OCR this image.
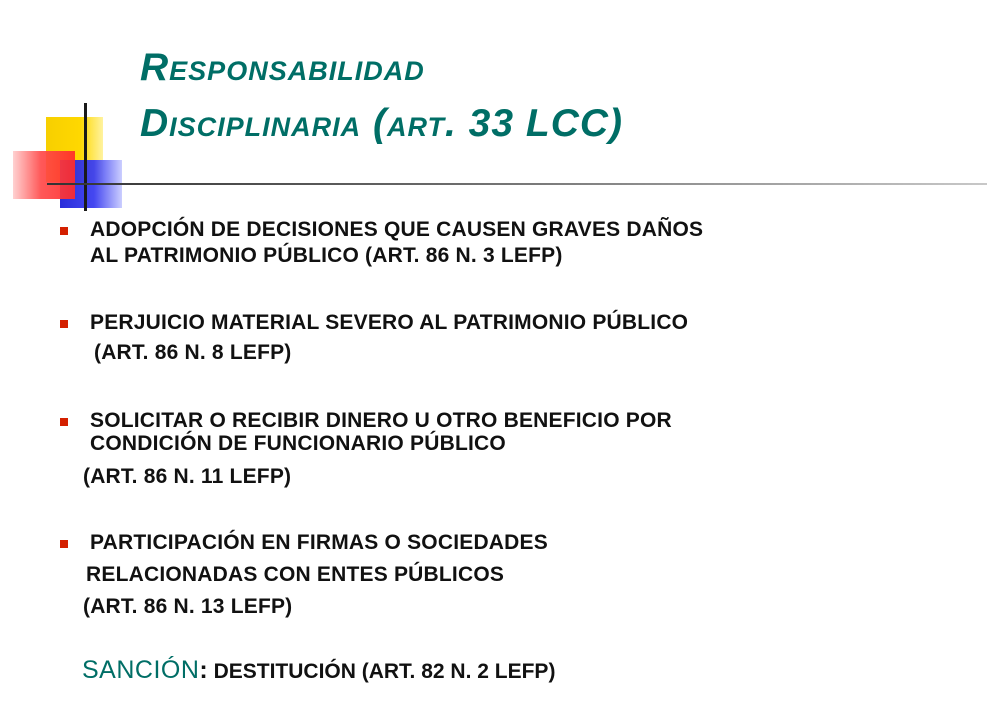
Responsabilidad
Disciplinaria (art. 33 LCC)
ADOPCIÓN DE DECISIONES QUE CAUSEN GRAVES DAÑOS
AL PATRIMONIO PÚBLICO (ART. 86 N. 3 LEFP)
PERJUICIO MATERIAL SEVERO AL PATRIMONIO PÚBLICO
(ART. 86 N. 8 LEFP)
SOLICITAR O RECIBIR DINERO U OTRO BENEFICIO POR
CONDICIÓN DE FUNCIONARIO PÚBLICO
(ART. 86 N. 11 LEFP)
PARTICIPACIÓN EN FIRMAS O SOCIEDADES
RELACIONADAS CON ENTES PÚBLICOS
(ART. 86 N. 13 LEFP)
SANCIÓN: DESTITUCIÓN (ART. 82 N. 2 LEFP)
